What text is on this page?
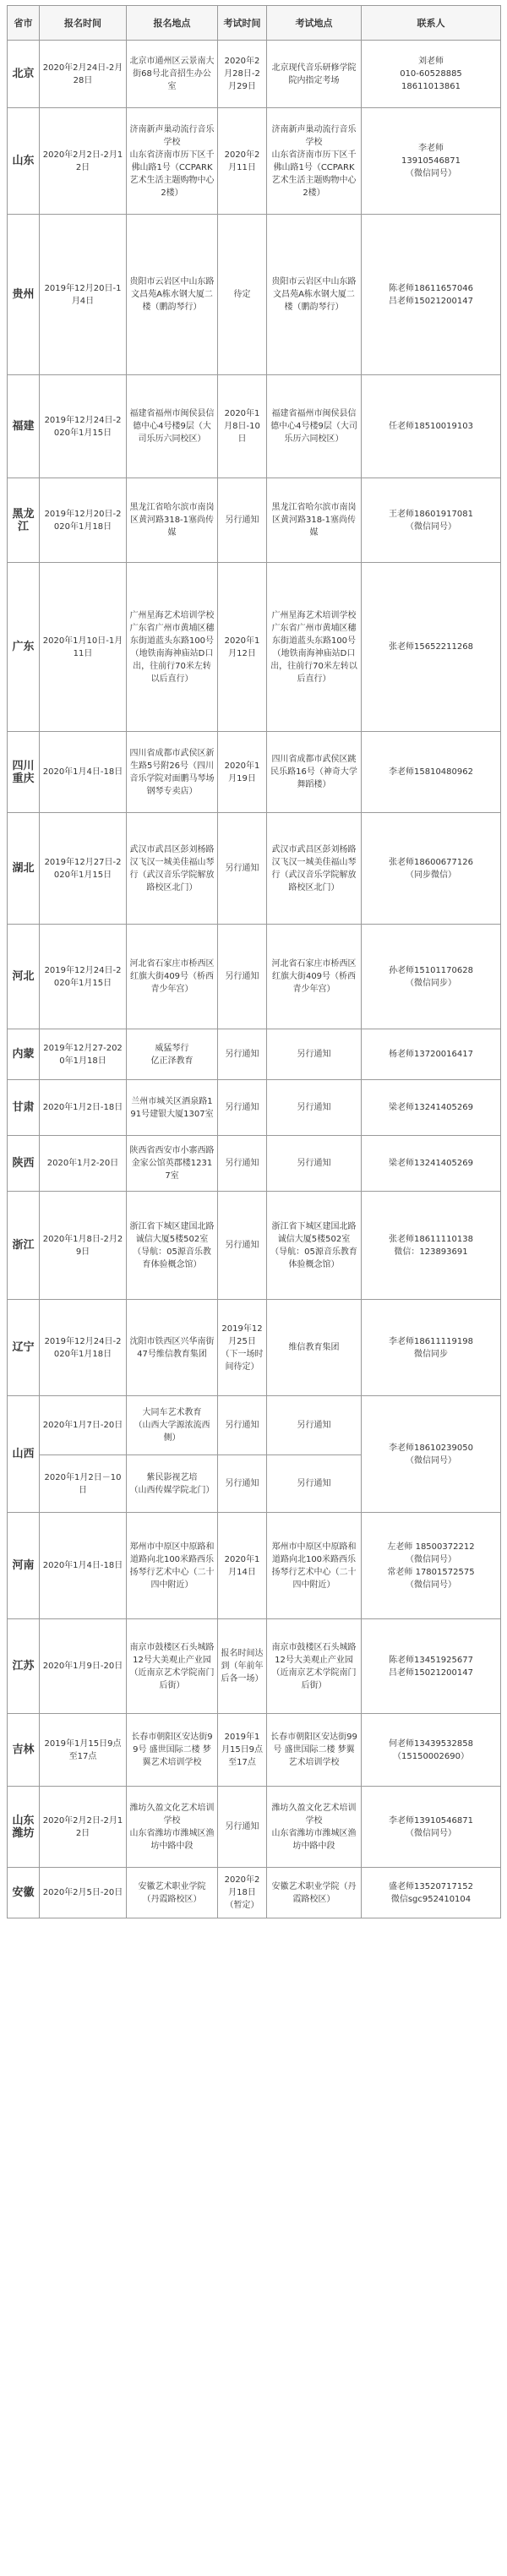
省市	报名时间	报名地点	考试时间	考试地点	联系人
北京	2020年2月24日-2月28日	北京市通州区云景南大街68号北音招生办公室	2020年2月28日-2月29日	北京现代音乐研修学院
院内指定考场	刘老师
010-60528885
18611013861
山东	2020年2月2日-2月12日	济南新声巢动流行音乐学校
山东省济南市历下区千佛山路1号（CCPARK艺术生活主题购物中心2楼）	2020年2月11日	济南新声巢动流行音乐学校
山东省济南市历下区千佛山路1号（CCPARK艺术生活主题购物中心2楼）	李老师
13910546871
（微信同号）
贵州	2019年12月20日-1月4日	贵阳市云岩区中山东路文昌苑A栋水钢大厦二楼（鹏韵琴行）	待定	贵阳市云岩区中山东路文昌苑A栋水钢大厦二楼（鹏韵琴行）	陈老师18611657046
吕老师15021200147
福建	2019年12月24日-2020年1月15日	福建省福州市闽侯县信德中心4号楼9层（大司乐历六同校区）	2020年1月8日-10日	福建省福州市闽侯县信德中心4号楼9层（大司乐历六同校区）	任老师18510019103
黑龙江	2019年12月20日-2020年1月18日	黑龙江省哈尔滨市南岗区黄河路318-1塞尚传媒	另行通知	黑龙江省哈尔滨市南岗区黄河路318-1塞尚传媒	王老师18601917081
（微信同号）
广东	2020年1月10日-1月11日	广州星海艺术培训学校 广东省广州市黄埔区穗东街道蓝头东路100号（地铁南海神庙站D口出，往前行70米左转以后直行）	2020年1月12日	广州星海艺术培训学校 广东省广州市黄埔区穗东街道蓝头东路100号（地铁南海神庙站D口出，往前行70米左转以后直行）	张老师15652211268
四川
重庆	2020年1月4日-18日	四川省成都市武侯区新生路5号附26号（四川音乐学院对面鹏马琴场钢琴专卖店）	2020年1月19日	四川省成都市武侯区跳民乐路16号（神奇大学舞蹈楼）	李老师15810480962
湖北	2019年12月27日-2020年1月15日	武汉市武昌区彭刘杨路汉飞汉一城美佳福山琴行（武汉音乐学院解放路校区北门）	另行通知	武汉市武昌区彭刘杨路汉飞汉一城美佳福山琴行（武汉音乐学院解放路校区北门）	张老师18600677126
（同步微信）
河北	2019年12月24日-2020年1月15日	河北省石家庄市桥西区红旗大街409号（桥西青少年宫）	另行通知	河北省石家庄市桥西区红旗大街409号（桥西青少年宫）	孙老师15101170628
（微信同步）
内蒙	2019年12月27-2020年1月18日	威猛琴行
亿正泽教育	另行通知	另行通知	杨老师13720016417
甘肃	2020年1月2日-18日	兰州市城关区酒泉路191号建银大厦1307室	另行通知	另行通知	梁老师13241405269
陕西	2020年1月2-20日	陕西省西安市小寨西路金家公馆英郡楼12317室	另行通知	另行通知	梁老师13241405269
浙江	2020年1月8日-2月29日	浙江省下城区建国北路诚信大厦5楼502室（导航：05源音乐教育体验概念馆）	另行通知	浙江省下城区建国北路诚信大厦5楼502室（导航：05源音乐教育体验概念馆）	张老师18611110138
微信：123893691
辽宁	2019年12月24日-2020年1月18日	沈阳市铁西区兴华南街47号维信教育集团	2019年12月25日（下一场时间待定）	维信教育集团	李老师18611119198
微信同步
山西	2020年1月7日-20日	大同车艺术教育
（山西大学源浓流西侧）	另行通知	另行通知	李老师18610239050
（微信同号）
	2020年1月2日－10日	紫民影视艺培
（山西传媒学院北门）	另行通知	另行通知	
河南	2020年1月4日-18日	郑州市中原区中原路和道路向北100米路西乐扬琴行艺术中心（二十四中附近）	2020年1月14日	郑州市中原区中原路和道路向北100米路西乐扬琴行艺术中心（二十四中附近）	左老师 18500372212
（微信同号）
常老师 17801572575
（微信同号）
江苏	2020年1月9日-20日	南京市鼓楼区石头城路12号大美观止产业园（近南京艺术学院南门后街）	报名时间达到（年前年后各一场）	南京市鼓楼区石头城路12号大美观止产业园（近南京艺术学院南门后街）	陈老师13451925677
吕老师15021200147
吉林	2019年1月15日9点至17点	长春市朝阳区安达街99号 盛世国际二楼 梦翼艺术培训学校	2019年1月15日9点至17点	长春市朝阳区安达街99号 盛世国际二楼 梦翼艺术培训学校	何老师13439532858
（15150002690）
山东
潍坊	2020年2月2日-2月12日	潍坊久盈文化艺术培训学校
山东省潍坊市潍城区渔坊中路中段	另行通知	潍坊久盈文化艺术培训学校
山东省潍坊市潍城区渔坊中路中段	李老师13910546871
（微信同号）
安徽	2020年2月5日-20日	安徽艺术职业学院
（丹霞路校区）	2020年2月18日（暂定）	安徽艺术职业学院（丹霞路校区）	盛老师13520717152
微信sgc952410104
